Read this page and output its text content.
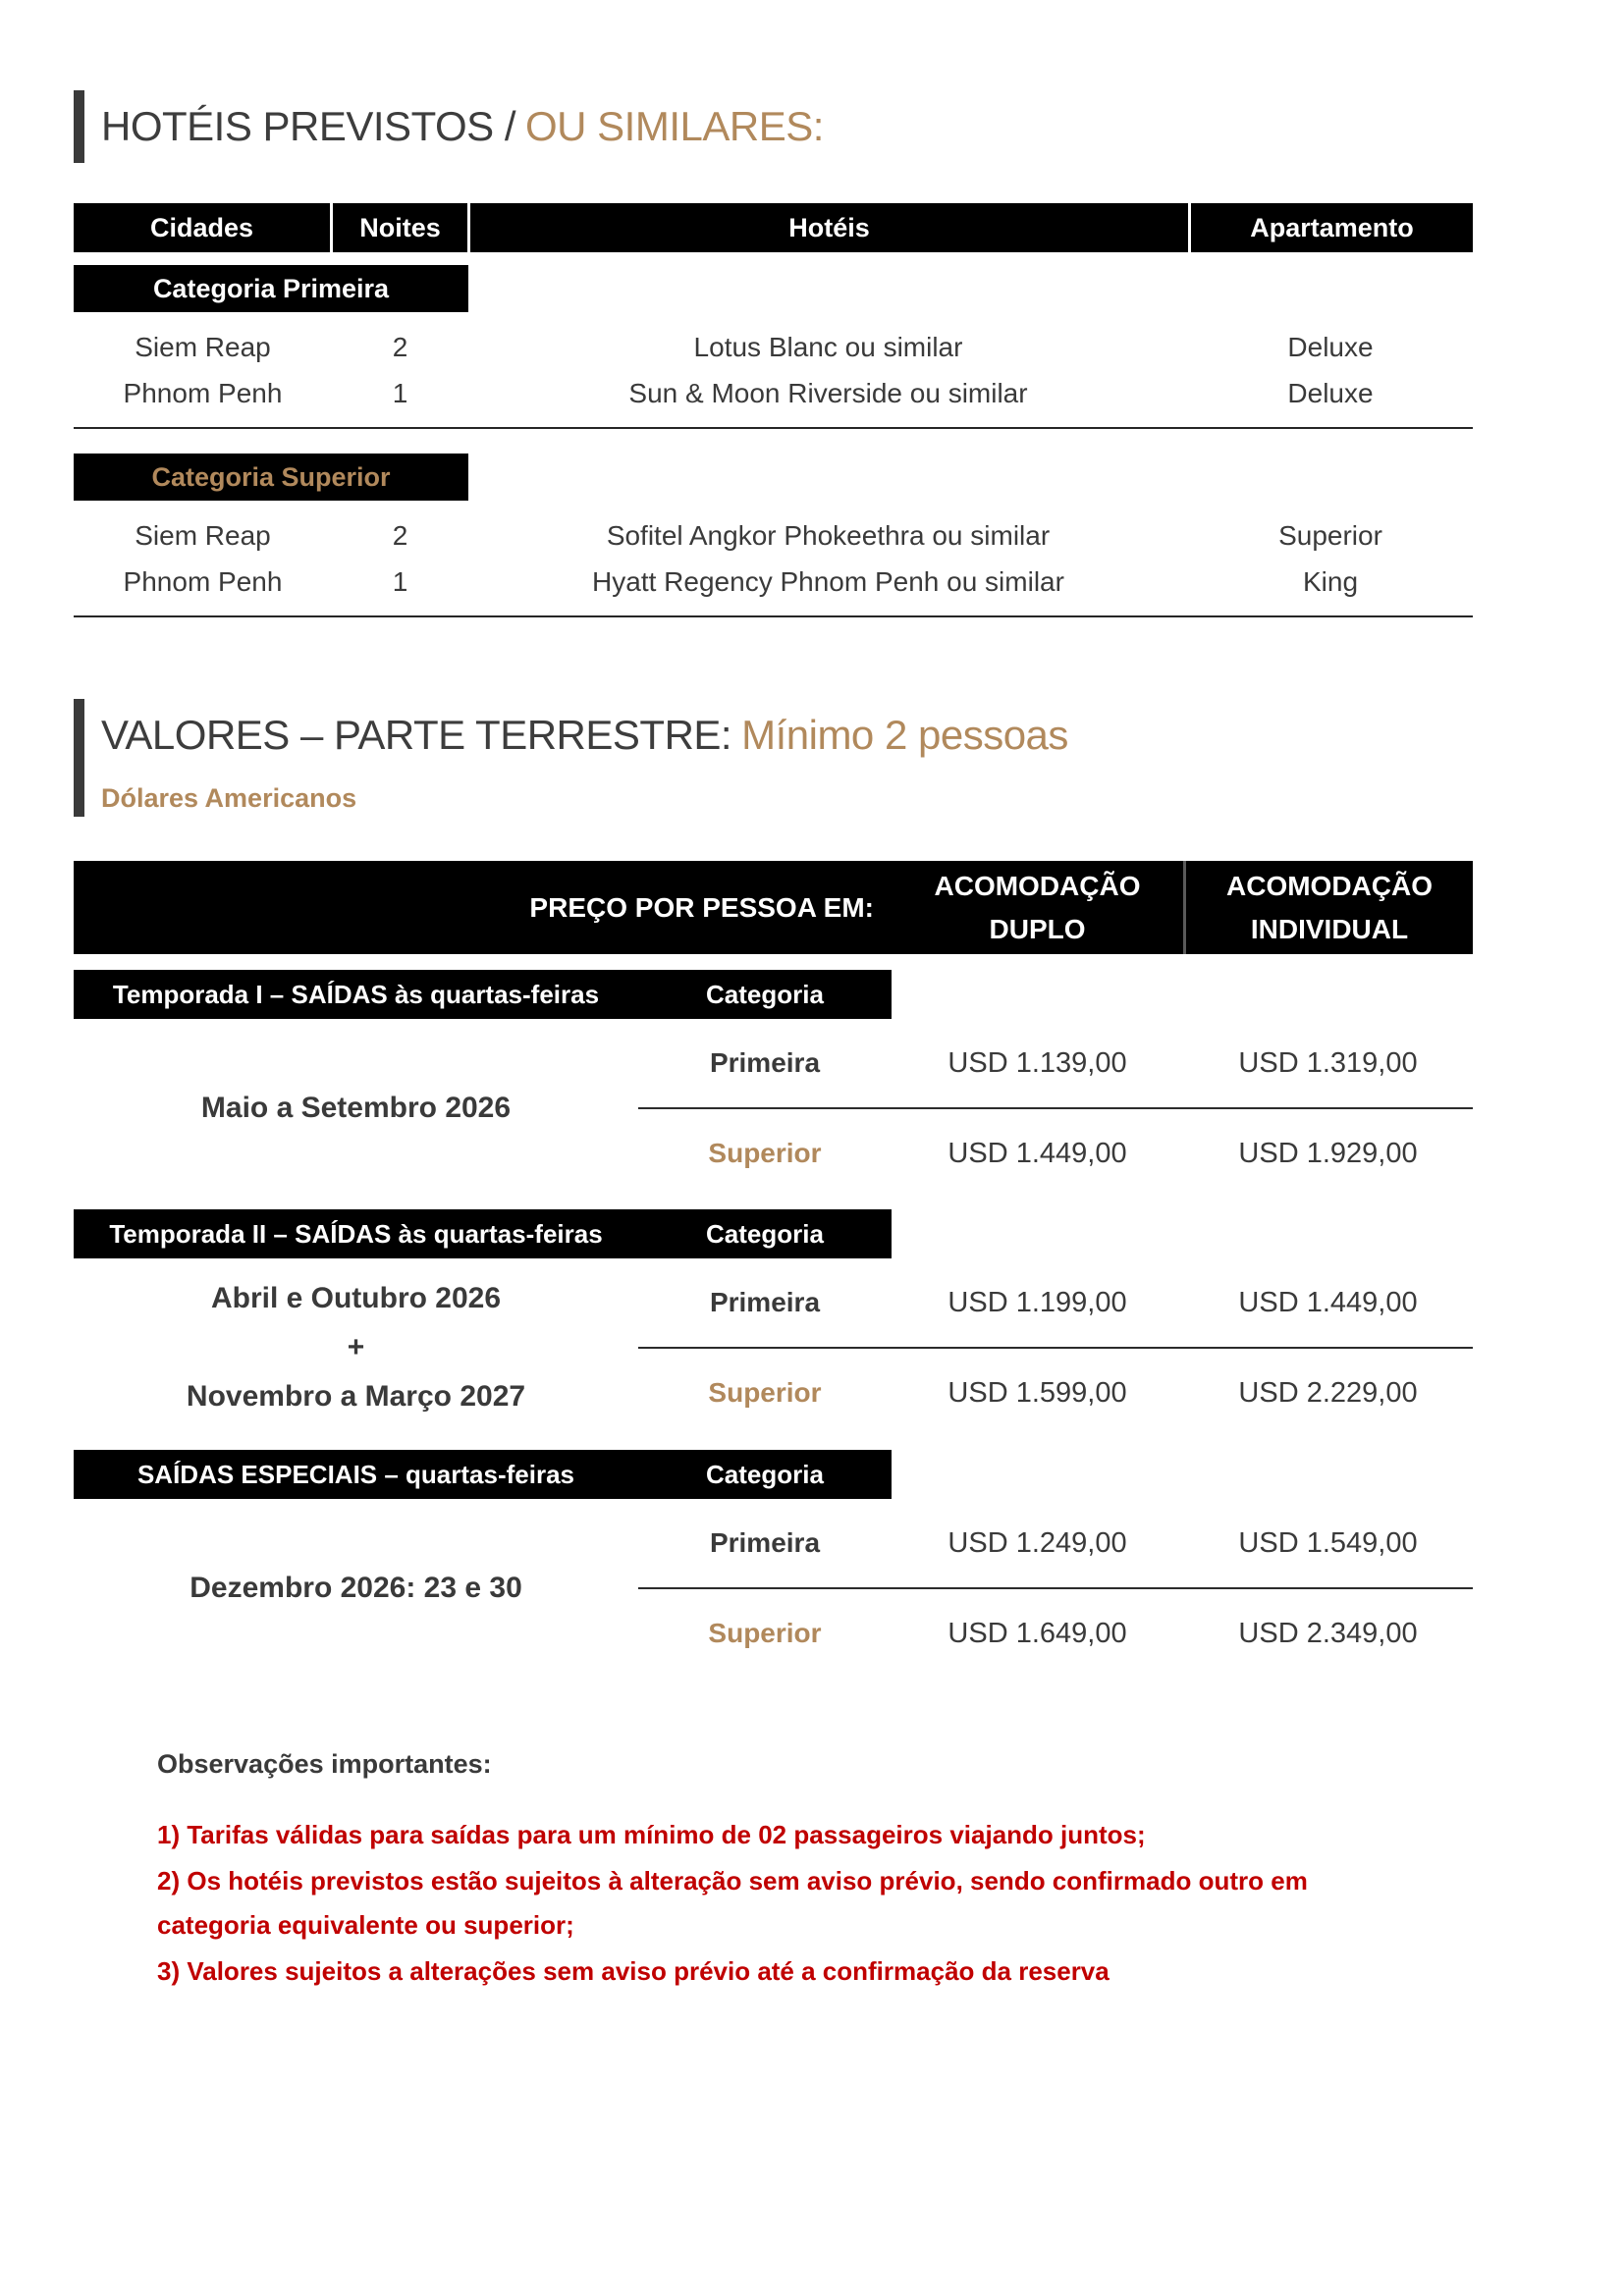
HOTÉIS PREVISTOS / OU SIMILARES:
Cidades	Noites	Hotéis	Apartamento
Categoria Primeira
Siem Reap	2	Lotus Blanc ou similar	Deluxe
Phnom Penh	1	Sun & Moon Riverside ou similar	Deluxe
Categoria Superior
Siem Reap	2	Sofitel Angkor Phokeethra ou similar	Superior
Phnom Penh	1	Hyatt Regency Phnom Penh ou similar	King
VALORES – PARTE TERRESTRE: Mínimo 2 pessoas
Dólares Americanos
PREÇO POR PESSOA EM:
ACOMODAÇÃO
DUPLO
ACOMODAÇÃO
INDIVIDUAL
Temporada I – SAÍDAS às quartas-feiras	Categoria
Maio a Setembro 2026
Primeira	USD 1.139,00	USD 1.319,00
Superior	USD 1.449,00	USD 1.929,00
Temporada II – SAÍDAS às quartas-feiras	Categoria
Abril e Outubro 2026
+
Novembro a Março 2027
Primeira	USD 1.199,00	USD 1.449,00
Superior	USD 1.599,00	USD 2.229,00
SAÍDAS ESPECIAIS – quartas-feiras	Categoria
Dezembro 2026: 23 e 30
Primeira	USD 1.249,00	USD 1.549,00
Superior	USD 1.649,00	USD 2.349,00
Observações importantes:

1) Tarifas válidas para saídas para um mínimo de 02 passageiros viajando juntos;

2) Os hotéis previstos estão sujeitos à alteração sem aviso prévio, sendo confirmado outro em categoria equivalente ou superior;

3) Valores sujeitos a alterações sem aviso prévio até a confirmação da reserva
